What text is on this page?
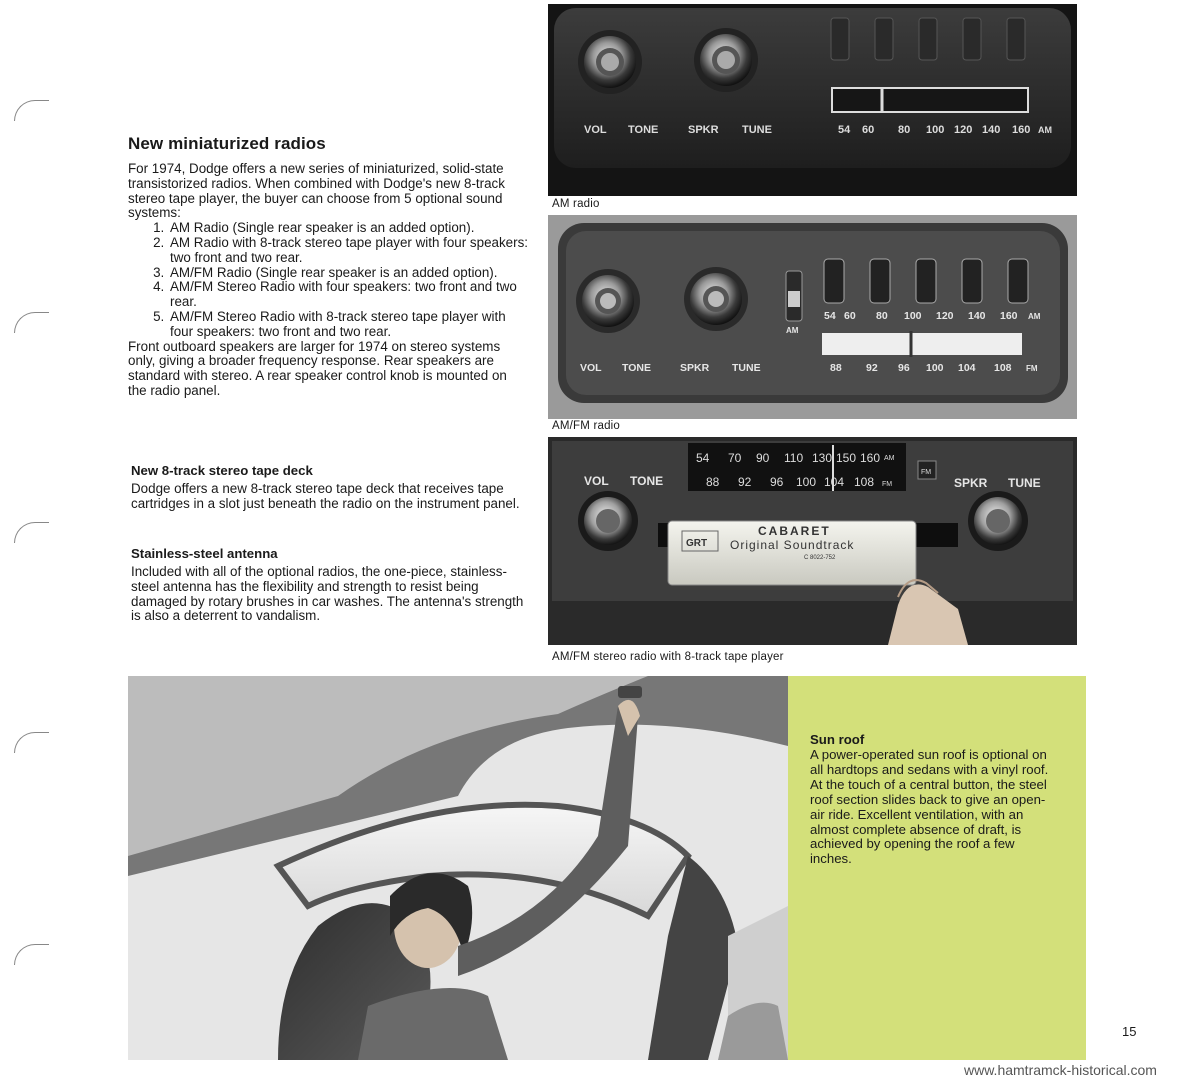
New miniaturized radios

For 1974, Dodge offers a new series of miniaturized, solid-state transistorized radios. When combined with Dodge's new 8-track stereo tape player, the buyer can choose from 5 optional sound systems:

1. AM Radio (Single rear speaker is an added option).
2. AM Radio with 8-track stereo tape player with four speakers: two front and two rear.
3. AM/FM Radio (Single rear speaker is an added option).
4. AM/FM Stereo Radio with four speakers: two front and two rear.
5. AM/FM Stereo Radio with 8-track stereo tape player with four speakers: two front and two rear.

Front outboard speakers are larger for 1974 on stereo systems only, giving a broader frequency response. Rear speakers are standard with stereo. A rear speaker control knob is mounted on the radio panel.

New 8-track stereo tape deck

Dodge offers a new 8-track stereo tape deck that receives tape cartridges in a slot just beneath the radio on the instrument panel.

Stainless-steel antenna

Included with all of the optional radios, the one-piece, stainless-steel antenna has the flexibility and strength to resist being damaged by rotary brushes in car washes. The antenna's strength is also a deterrent to vandalism.

VOL TONE	SPKR TUNE	54 60 80 100 120 140 160 AM
AM radio
AM
VOL TONE	SPKR TUNE
54 60 80 100 120 140 160 AM
88 92 96 100 104 108 FM
AM/FM radio
VOL TONE	SPKR TUNE
54 70 90 110 130 150 160 AM
88 92 96 100 104 108 FM
FM
CABARET
Original Soundtrack
GRT
C 8022-752
AM/FM stereo radio with 8-track tape player
Sun roof

A power-operated sun roof is optional on all hardtops and sedans with a vinyl roof. At the touch of a central button, the steel roof section slides back to give an open-air ride. Excellent ventilation, with an almost complete absence of draft, is achieved by opening the roof a few inches.

15
www.hamtramck-historical.com
